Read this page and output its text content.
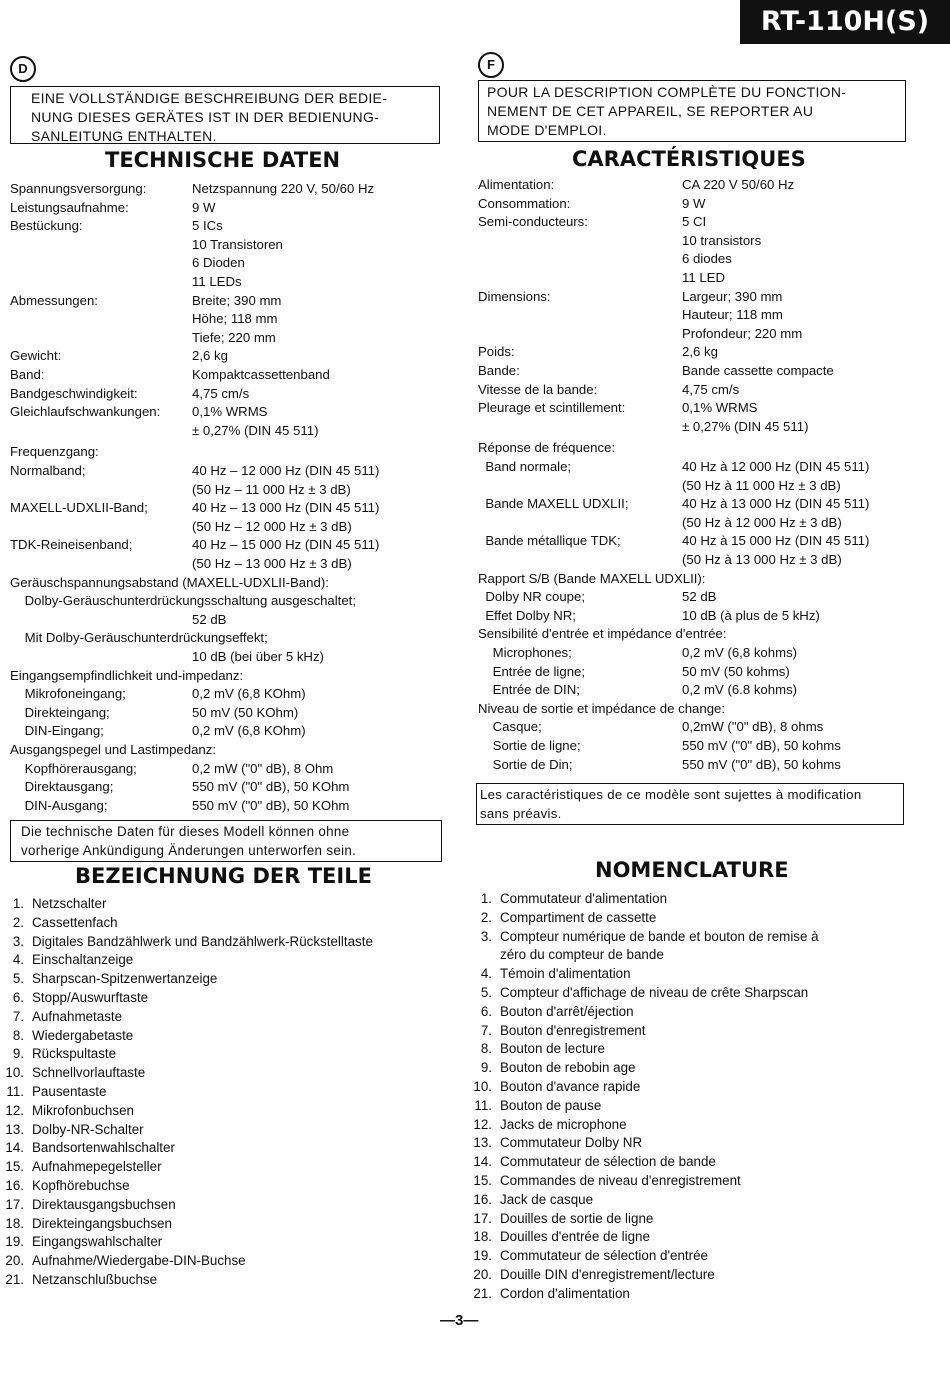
RT-110H(S)
D
EINE VOLLSTÄNDIGE BESCHREIBUNG DER BEDIE-
NUNG DIESES GERÄTES IST IN DER BEDIENUNG-
SANLEITUNG ENTHALTEN.
TECHNISCHE DATEN
Spannungsversorgung:	Netzspannung 220 V, 50/60 Hz
Leistungsaufnahme:	9 W
Bestückung:	5 ICs
10 Transistoren
6 Dioden
11 LEDs
Abmessungen:	Breite; 390 mm
Höhe; 118 mm
Tiefe; 220 mm
Gewicht:	2,6 kg
Band:	Kompaktcassettenband
Bandgeschwindigkeit:	4,75 cm/s
Gleichlaufschwankungen: 0,1% WRMS
± 0,27% (DIN 45 511)
Frequenzgang:
Normalband;	40 Hz – 12 000 Hz (DIN 45 511)
(50 Hz – 11 000 Hz ± 3 dB)
MAXELL-UDXLII-Band;	40 Hz – 13 000 Hz (DIN 45 511)
(50 Hz – 12 000 Hz ± 3 dB)
TDK-Reineisenband;	40 Hz – 15 000 Hz (DIN 45 511)
(50 Hz – 13 000 Hz ± 3 dB)
Geräuschspannungsabstand (MAXELL-UDXLII-Band):
Dolby-Geräuschunterdrückungsschaltung ausgeschaltet;
52 dB
Mit Dolby-Geräuschunterdrückungseffekt;
10 dB (bei über 5 kHz)
Eingangsempfindlichkeit und-impedanz:
Mikrofoneingang;	0,2 mV (6,8 KOhm)
Direkteingang;	50 mV (50 KOhm)
DIN-Eingang;	0,2 mV (6,8 KOhm)
Ausgangspegel und Lastimpedanz:
Kopfhörerausgang;	0,2 mW ("0" dB), 8 Ohm
Direktausgang;	550 mV ("0" dB), 50 KOhm
DIN-Ausgang;	550 mV ("0" dB), 50 KOhm
Die technische Daten für dieses Modell können ohne
vorherige Ankündigung Änderungen unterworfen sein.
BEZEICHNUNG DER TEILE
1. Netzschalter
2. Cassettenfach
3. Digitales Bandzählwerk und Bandzählwerk-Rückstelltaste
4. Einschaltanzeige
5. Sharpscan-Spitzenwertanzeige
6. Stopp/Auswurftaste
7. Aufnahmetaste
8. Wiedergabetaste
9. Rückspultaste
10. Schnellvorlauftaste
11. Pausentaste
12. Mikrofonbuchsen
13. Dolby-NR-Schalter
14. Bandsortenwahlschalter
15. Aufnahmepegelsteller
16. Kopfhörebuchse
17. Direktausgangsbuchsen
18. Direkteingangsbuchsen
19. Eingangswahlschalter
20. Aufnahme/Wiedergabe-DIN-Buchse
21. Netzanschlußbuchse
F
POUR LA DESCRIPTION COMPLÈTE DU FONCTION-
NEMENT DE CET APPAREIL, SE REPORTER AU
MODE D'EMPLOI.
CARACTÉRISTIQUES
Alimentation:	CA 220 V 50/60 Hz
Consommation:	9 W
Semi-conducteurs:	5 CI
10 transistors
6 diodes
11 LED
Dimensions:	Largeur; 390 mm
Hauteur; 118 mm
Profondeur; 220 mm
Poids:	2,6 kg
Bande:	Bande cassette compacte
Vitesse de la bande:	4,75 cm/s
Pleurage et scintillement:	0,1% WRMS
± 0,27% (DIN 45 511)
Réponse de fréquence:
Band normale;	40 Hz à 12 000 Hz (DIN 45 511)
(50 Hz à 11 000 Hz ± 3 dB)
Bande MAXELL UDXLII;	40 Hz à 13 000 Hz (DIN 45 511)
(50 Hz à 12 000 Hz ± 3 dB)
Bande métallique TDK;	40 Hz à 15 000 Hz (DIN 45 511)
(50 Hz à 13 000 Hz ± 3 dB)
Rapport S/B (Bande MAXELL UDXLII):
Dolby NR coupe;	52 dB
Effet Dolby NR;	10 dB (à plus de 5 kHz)
Sensibilité d'entrée et impédance d'entrée:
Microphones;	0,2 mV (6,8 kohms)
Entrée de ligne;	50 mV (50 kohms)
Entrée de DIN;	0,2 mV (6.8 kohms)
Niveau de sortie et impédance de change:
Casque;	0,2mW ("0" dB), 8 ohms
Sortie de ligne;	550 mV ("0" dB), 50 kohms
Sortie de Din;	550 mV ("0" dB), 50 kohms
Les caractéristiques de ce modèle sont sujettes à modification
sans préavis.
NOMENCLATURE
1. Commutateur d'alimentation
2. Compartiment de cassette
3. Compteur numérique de bande et bouton de remise à
zéro du compteur de bande
4. Témoin d'alimentation
5. Compteur d'affichage de niveau de crête Sharpscan
6. Bouton d'arrêt/éjection
7. Bouton d'enregistrement
8. Bouton de lecture
9. Bouton de rebobin age
10. Bouton d'avance rapide
11. Bouton de pause
12. Jacks de microphone
13. Commutateur Dolby NR
14. Commutateur de sélection de bande
15. Commandes de niveau d'enregistrement
16. Jack de casque
17. Douilles de sortie de ligne
18. Douilles d'entrée de ligne
19. Commutateur de sélection d'entrée
20. Douille DIN d'enregistrement/lecture
21. Cordon d'alimentation
—3—
